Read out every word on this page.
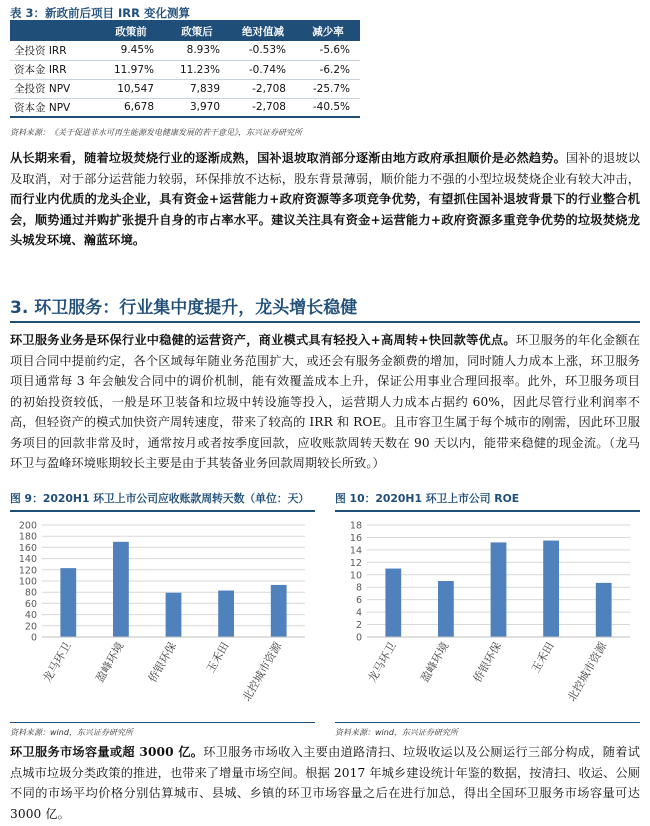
表 3：新政前后项目 IRR 变化测算
	政策前	政策后	绝对值减	减少率
全投资 IRR	9.45%	8.93%	-0.53%	-5.6%
资本金 IRR	11.97%	11.23%	-0.74%	-6.2%
全投资 NPV	10,547	7,839	-2,708	-25.7%
资本金 NPV	6,678	3,970	-2,708	-40.5%
资料来源：《关于促进非水可再生能源发电健康发展的若干意见》，东兴证券研究所
从长期来看，随着垃圾焚烧行业的逐渐成熟，国补退坡取消部分逐渐由地方政府承担顺价是必然趋势。国补的退坡以及取消，对于部分运营能力较弱，环保排放不达标，股东背景薄弱，顺价能力不强的小型垃圾焚烧企业有较大冲击，而行业内优质的龙头企业，具有资金+运营能力+政府资源等多项竞争优势，有望抓住国补退坡背景下的行业整合机会，顺势通过并购扩张提升自身的市占率水平。建议关注具有资金+运营能力+政府资源多重竞争优势的垃圾焚烧龙头城发环境、瀚蓝环境。
3. 环卫服务：行业集中度提升，龙头增长稳健
环卫服务业务是环保行业中稳健的运营资产，商业模式具有轻投入+高周转+快回款等优点。环卫服务的年化金额在项目合同中提前约定，各个区域每年随业务范围扩大，或还会有服务金额费的增加，同时随人力成本上涨，环卫服务项目通常每 3 年会触发合同中的调价机制，能有效覆盖成本上升，保证公用事业合理回报率。此外，环卫服务项目的初始投资较低，一般是环卫装备和垃圾中转设施等投入，运营期人力成本占据约 60%，因此尽管行业利润率不高，但轻资产的模式加快资产周转速度，带来了较高的 IRR 和 ROE。且市容卫生属于每个城市的刚需，因此环卫服务项目的回款非常及时，通常按月或者按季度回款，应收账款周转天数在 90 天以内，能带来稳健的现金流。（龙马环卫与盈峰环境账期较长主要是由于其装备业务回款周期较长所致。）
图 9：2020H1 环卫上市公司应收账款周转天数（单位：天）
0
20
40
60
80
100
120
140
160
180
200
龙马环卫 盈峰环境 侨银环保 玉禾田 北控城市资源
资料来源：wind，东兴证券研究所
图 10：2020H1 环卫上市公司 ROE
0
2
4
6
8
10
12
14
16
18
龙马环卫 盈峰环境 侨银环保 玉禾田 北控城市资源
资料来源：wind，东兴证券研究所
环卫服务市场容量或超 3000 亿。环卫服务市场收入主要由道路清扫、垃圾收运以及公厕运行三部分构成，随着试点城市垃圾分类政策的推进，也带来了增量市场空间。根据 2017 年城乡建设统计年鉴的数据，按清扫、收运、公厕不同的市场平均价格分别估算城市、县城、乡镇的环卫市场容量之后在进行加总，得出全国环卫服务市场容量可达 3000 亿。
